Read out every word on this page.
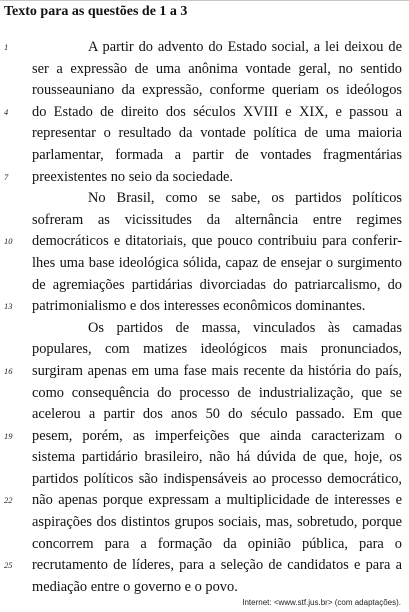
Texto para as questões de 1 a 3
1	A partir do advento do Estado social, a lei deixou de
ser a expressão de uma anônima vontade geral, no sentido
rousseauniano da expressão, conforme queriam os ideólogos
4	do Estado de direito dos séculos XVIII e XIX, e passou a
representar o resultado da vontade política de uma maioria
parlamentar, formada a partir de vontades fragmentárias
7	preexistentes no seio da sociedade.
No Brasil, como se sabe, os partidos políticos
sofreram as vicissitudes da alternância entre regimes
10	democráticos e ditatoriais, que pouco contribuiu para conferir-
lhes uma base ideológica sólida, capaz de ensejar o surgimento
de agremiações partidárias divorciadas do patriarcalismo, do
13	patrimonialismo e dos interesses econômicos dominantes.
Os partidos de massa, vinculados às camadas
populares, com matizes ideológicos mais pronunciados,
16	surgiram apenas em uma fase mais recente da história do país,
como consequência do processo de industrialização, que se
acelerou a partir dos anos 50 do século passado. Em que
19	pesem, porém, as imperfeições que ainda caracterizam o
sistema partidário brasileiro, não há dúvida de que, hoje, os
partidos políticos são indispensáveis ao processo democrático,
22	não apenas porque expressam a multiplicidade de interesses e
aspirações dos distintos grupos sociais, mas, sobretudo, porque
concorrem para a formação da opinião pública, para o
25	recrutamento de líderes, para a seleção de candidatos e para a
mediação entre o governo e o povo.
Internet: <www.stf.jus.br> (com adaptações).
